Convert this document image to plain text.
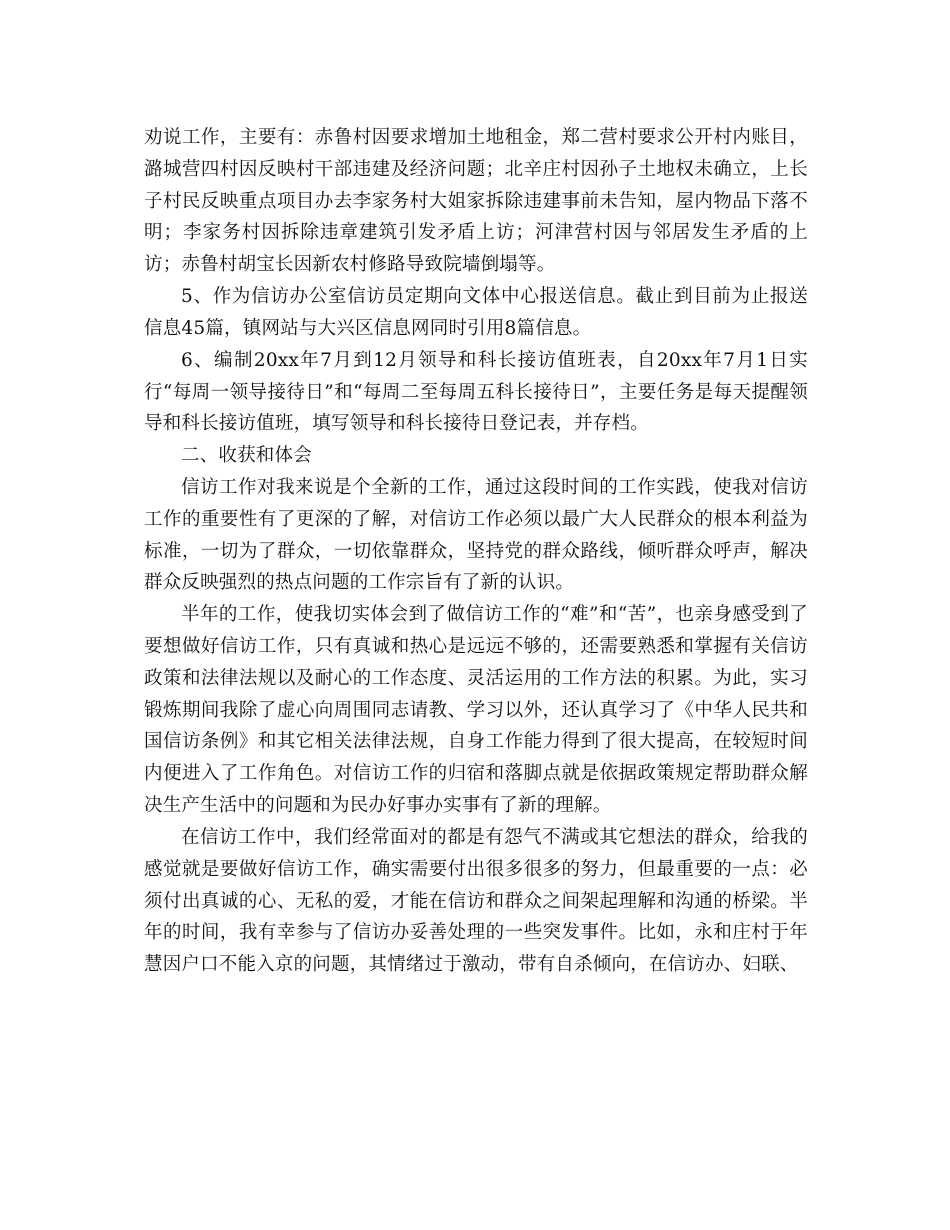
劝说工作，主要有：赤鲁村因要求增加土地租金，郑二营村要求公开村内账目，潞城营四村因反映村干部违建及经济问题；北辛庄村因孙子土地权未确立，上长子村民反映重点项目办去李家务村大姐家拆除违建事前未告知，屋内物品下落不明；李家务村因拆除违章建筑引发矛盾上访；河津营村因与邻居发生矛盾的上访；赤鲁村胡宝长因新农村修路导致院墙倒塌等。

5、作为信访办公室信访员定期向文体中心报送信息。截止到目前为止报送信息45篇，镇网站与大兴区信息网同时引用8篇信息。

6、编制20xx年7月到12月领导和科长接访值班表，自20xx年7月1日实行“每周一领导接待日”和“每周二至每周五科长接待日”，主要任务是每天提醒领导和科长接访值班，填写领导和科长接待日登记表，并存档。

二、收获和体会

信访工作对我来说是个全新的工作，通过这段时间的工作实践，使我对信访工作的重要性有了更深的了解，对信访工作必须以最广大人民群众的根本利益为标准，一切为了群众，一切依靠群众，坚持党的群众路线，倾听群众呼声，解决群众反映强烈的热点问题的工作宗旨有了新的认识。

半年的工作，使我切实体会到了做信访工作的“难”和“苦”，也亲身感受到了要想做好信访工作，只有真诚和热心是远远不够的，还需要熟悉和掌握有关信访政策和法律法规以及耐心的工作态度、灵活运用的工作方法的积累。为此，实习锻炼期间我除了虚心向周围同志请教、学习以外，还认真学习了《中华人民共和国信访条例》和其它相关法律法规，自身工作能力得到了很大提高，在较短时间内便进入了工作角色。对信访工作的归宿和落脚点就是依据政策规定帮助群众解决生产生活中的问题和为民办好事办实事有了新的理解。

在信访工作中，我们经常面对的都是有怨气不满或其它想法的群众，给我的感觉就是要做好信访工作，确实需要付出很多很多的努力，但最重要的一点：必须付出真诚的心、无私的爱，才能在信访和群众之间架起理解和沟通的桥梁。半年的时间，我有幸参与了信访办妥善处理的一些突发事件。比如，永和庄村于年慧因户口不能入京的问题，其情绪过于激动，带有自杀倾向，在信访办、妇联、
